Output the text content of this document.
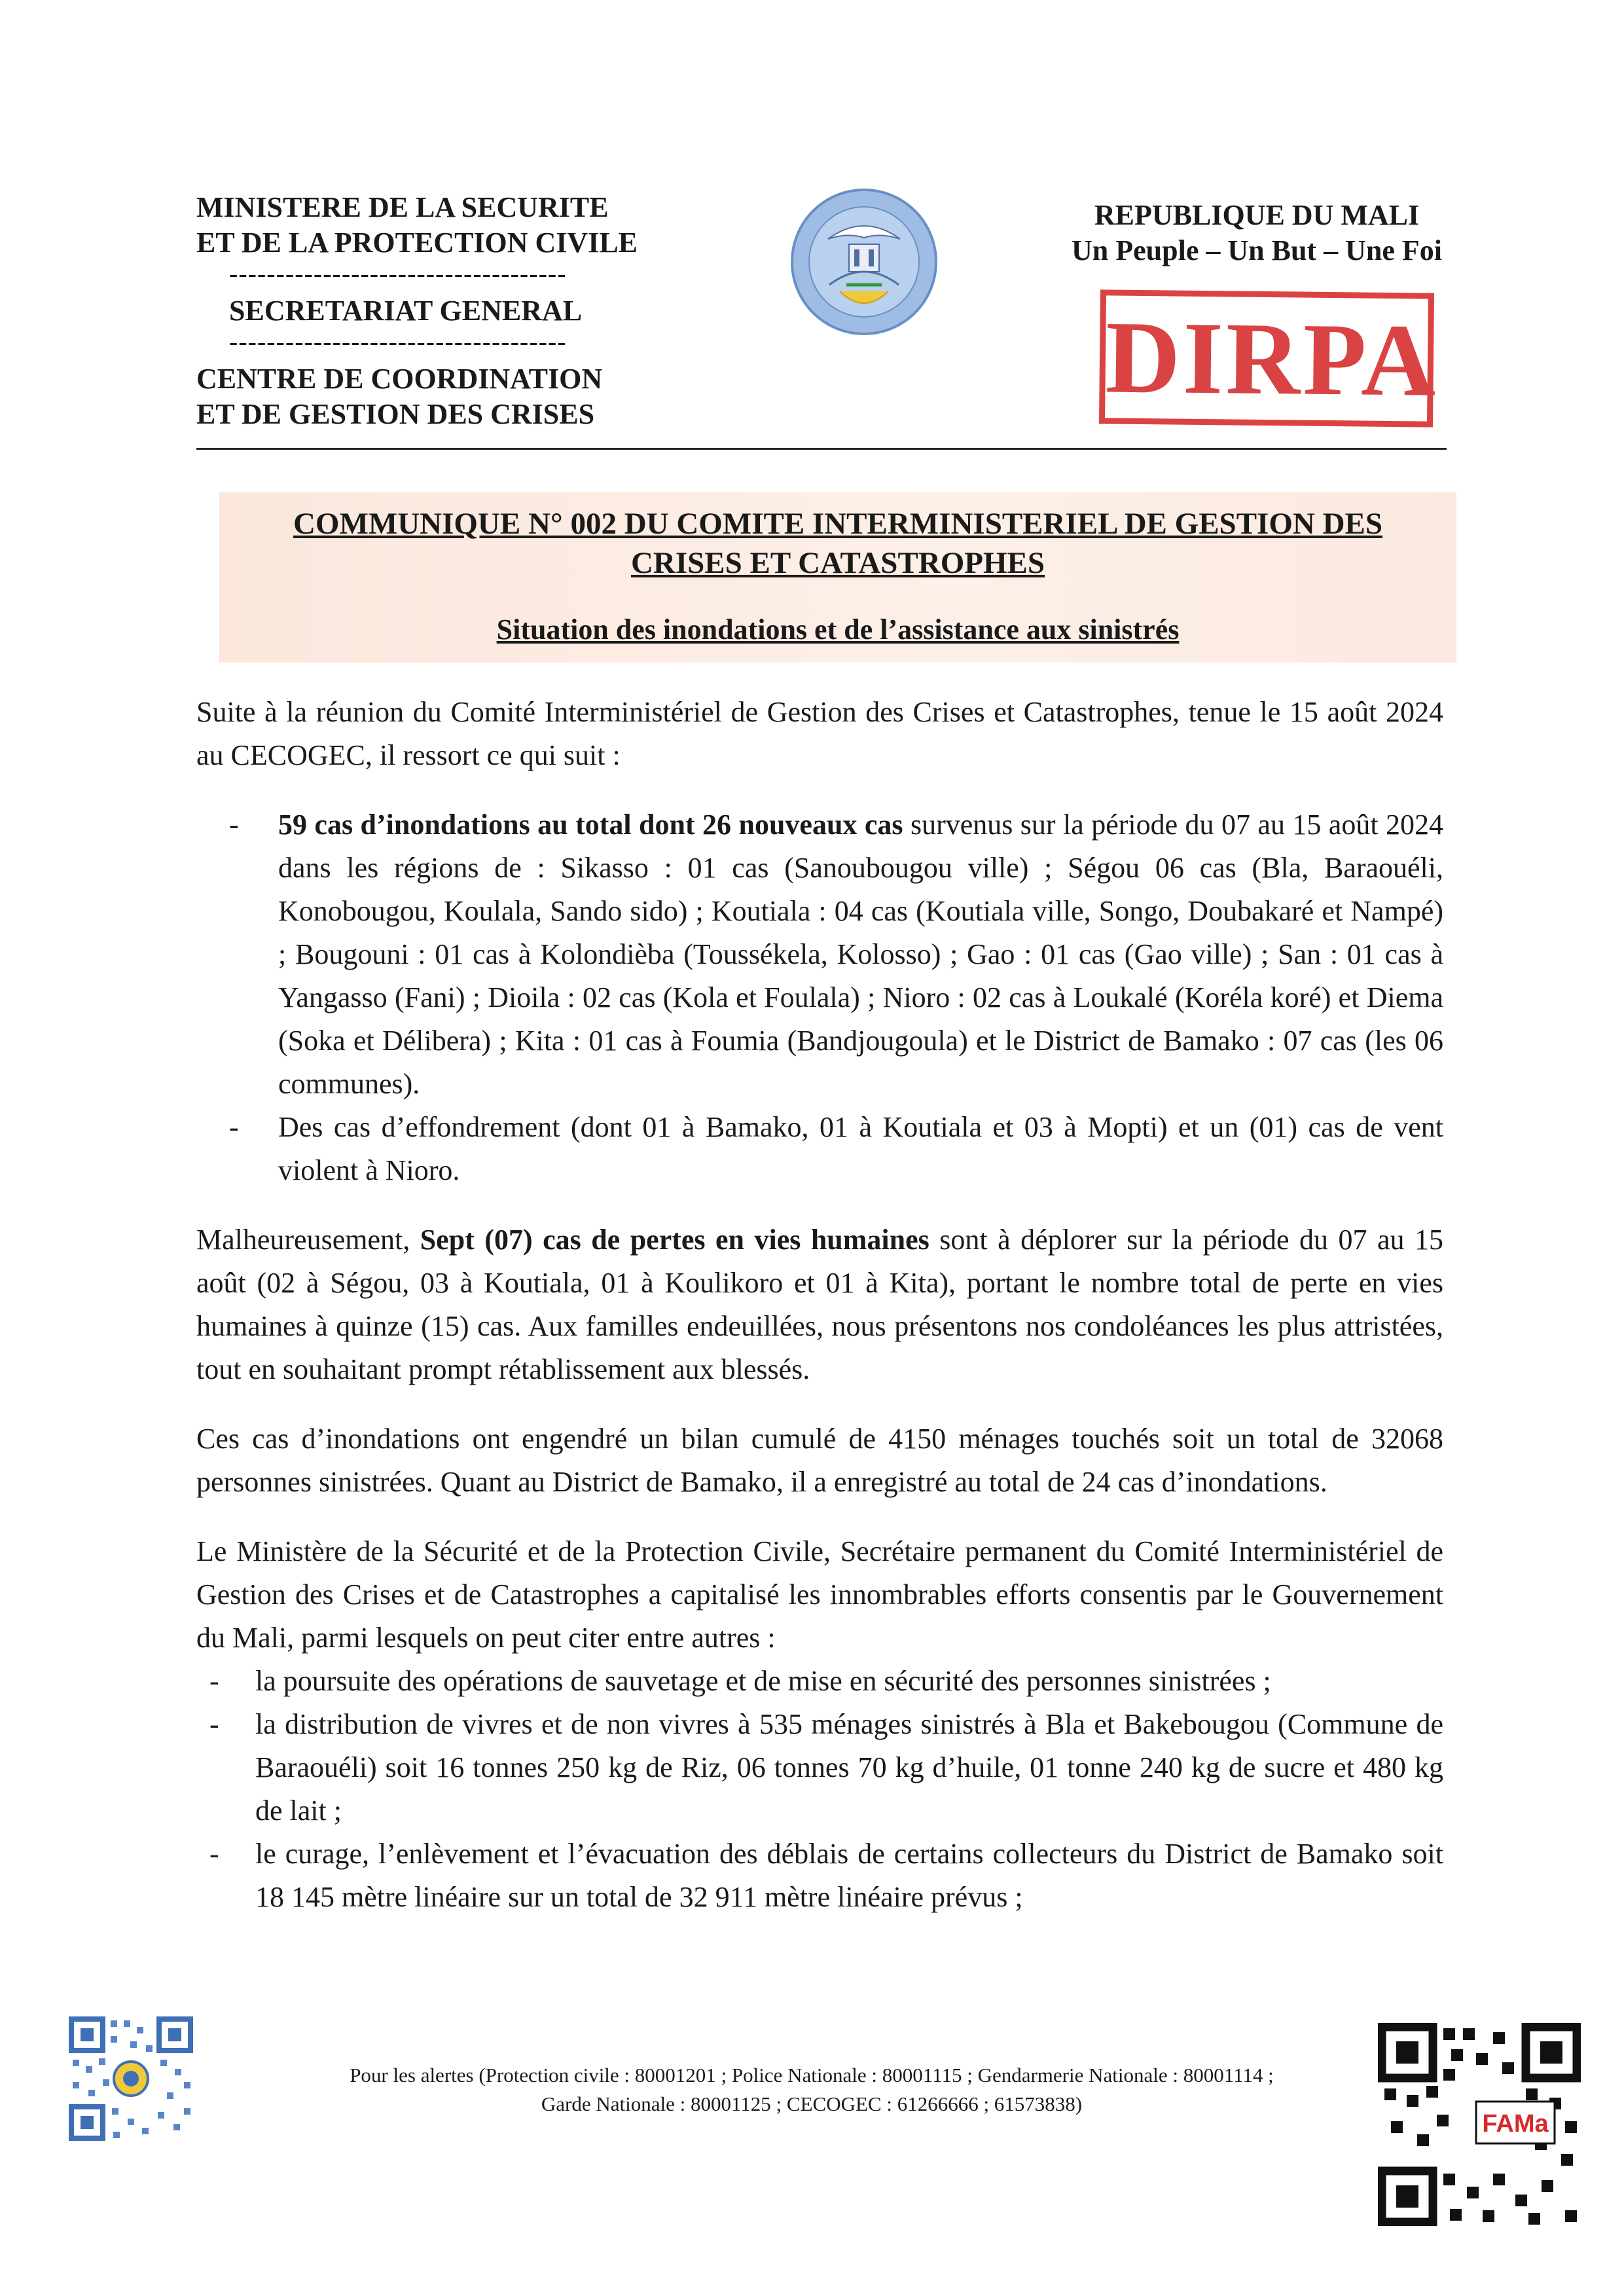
MINISTERE DE LA SECURITE
ET DE LA PROTECTION CIVILE
------------------------------------
SECRETARIAT GENERAL
------------------------------------
CENTRE DE COORDINATION
ET DE GESTION DES CRISES
REPUBLIQUE DU MALI
Un Peuple – Un But – Une Foi
DIRPA
COMMUNIQUE N° 002 DU COMITE INTERMINISTERIEL DE GESTION DES
CRISES ET CATASTROPHES
Situation des inondations et de l’assistance aux sinistrés

Suite à la réunion du Comité Interministériel de Gestion des Crises et Catastrophes, tenue le 15 août 2024 au CECOGEC, il ressort ce qui suit :

- 59 cas d’inondations au total dont 26 nouveaux cas survenus sur la période du 07 au 15 août 2024 dans les régions de : Sikasso : 01 cas (Sanoubougou ville) ; Ségou 06 cas (Bla, Baraouéli, Konobougou, Koulala, Sando sido) ; Koutiala : 04 cas (Koutiala ville, Songo, Doubakaré et Nampé) ; Bougouni : 01 cas à Kolondièba (Toussékela, Kolosso) ; Gao : 01 cas (Gao ville) ; San : 01 cas à Yangasso (Fani) ; Dioila : 02 cas (Kola et Foulala) ; Nioro : 02 cas à Loukalé (Koréla koré) et Diema (Soka et Délibera) ; Kita : 01 cas à Foumia (Bandjougoula) et le District de Bamako : 07 cas (les 06 communes).
- Des cas d’effondrement (dont 01 à Bamako, 01 à Koutiala et 03 à Mopti) et un (01) cas de vent violent à Nioro.

Malheureusement, Sept (07) cas de pertes en vies humaines sont à déplorer sur la période du 07 au 15 août (02 à Ségou, 03 à Koutiala, 01 à Koulikoro et 01 à Kita), portant le nombre total de perte en vies humaines à quinze (15) cas. Aux familles endeuillées, nous présentons nos condoléances les plus attristées, tout en souhaitant prompt rétablissement aux blessés.

Ces cas d’inondations ont engendré un bilan cumulé de 4150 ménages touchés soit un total de 32068 personnes sinistrées. Quant au District de Bamako, il a enregistré au total de 24 cas d’inondations.

Le Ministère de la Sécurité et de la Protection Civile, Secrétaire permanent du Comité Interministériel de Gestion des Crises et de Catastrophes a capitalisé les innombrables efforts consentis par le Gouvernement du Mali, parmi lesquels on peut citer entre autres :

- la poursuite des opérations de sauvetage et de mise en sécurité des personnes sinistrées ;
- la distribution de vivres et de non vivres à 535 ménages sinistrés à Bla et Bakebougou (Commune de Baraouéli) soit 16 tonnes 250 kg de Riz, 06 tonnes 70 kg d’huile, 01 tonne 240 kg de sucre et 480 kg de lait ;
- le curage, l’enlèvement et l’évacuation des déblais de certains collecteurs du District de Bamako soit 18 145 mètre linéaire sur un total de 32 911 mètre linéaire prévus ;
Pour les alertes (Protection civile : 80001201 ; Police Nationale : 80001115 ; Gendarmerie Nationale : 80001114 ;
Garde Nationale : 80001125 ; CECOGEC : 61266666 ; 61573838)
FAMa
